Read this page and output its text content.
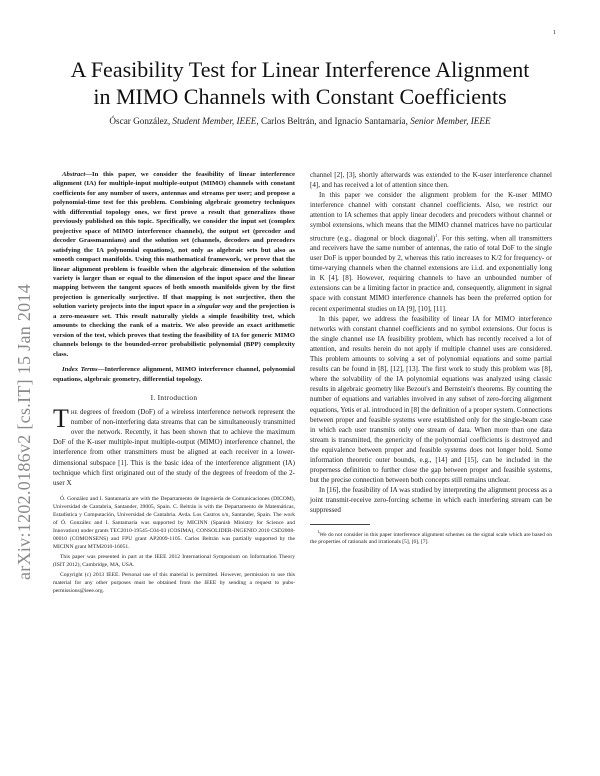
1
arXiv:1202.0186v2 [cs.IT] 15 Jan 2014
A Feasibility Test for Linear Interference Alignment
in MIMO Channels with Constant Coefficients
Óscar González, Student Member, IEEE, Carlos Beltrán, and Ignacio Santamaría, Senior Member, IEEE

Abstract—In this paper, we consider the feasibility of linear interference alignment (IA) for multiple-input multiple-output (MIMO) channels with constant coefficients for any number of users, antennas and streams per user; and propose a polynomial-time test for this problem. Combining algebraic geometry techniques with differential topology ones, we first prove a result that generalizes those previously published on this topic. Specifically, we consider the input set (complex projective space of MIMO interference channels), the output set (precoder and decoder Grassmannians) and the solution set (channels, decoders and precoders satisfying the IA polynomial equations), not only as algebraic sets but also as smooth compact manifolds. Using this mathematical framework, we prove that the linear alignment problem is feasible when the algebraic dimension of the solution variety is larger than or equal to the dimension of the input space and the linear mapping between the tangent spaces of both smooth manifolds given by the first projection is generically surjective. If that mapping is not surjective, then the solution variety projects into the input space in a singular way and the projection is a zero-measure set. This result naturally yields a simple feasibility test, which amounts to checking the rank of a matrix. We also provide an exact arithmetic version of the test, which proves that testing the feasibility of IA for generic MIMO channels belongs to the bounded-error probabilistic polynomial (BPP) complexity class.

Index Terms—Interference alignment, MIMO interference channel, polynomial equations, algebraic geometry, differential topology.

I. Introduction

The degrees of freedom (DoF) of a wireless interference network represent the number of non-interfering data streams that can be simultaneously transmitted over the network. Recently, it has been shown that to achieve the maximum DoF of the K-user multiple-input multiple-output (MIMO) interference channel, the interference from other transmitters must be aligned at each receiver in a lower-dimensional subspace [1]. This is the basic idea of the interference alignment (IA) technique which first originated out of the study of the degrees of freedom of the 2-user X

Ó. González and I. Santamaría are with the Departamento de Ingeniería de Comunicaciones (DICOM), Universidad de Cantabria, Santander, 39005, Spain. C. Beltrán is with the Departamento de Matemáticas, Estadística y Computación, Universidad de Cantabria. Avda. Los Castros s/n, Santander, Spain. The work of Ó. González and I. Santamaría was supported by MICINN (Spanish Ministry for Science and Innovation) under grants TEC2010-19545-C04-03 (COSIMA), CONSOLIDER-INGENIO 2010 CSD2008-00010 (COMONSENS) and FPU grant AP2009-1105. Carlos Beltrán was partially supported by the MICINN grant MTM2010-16051.

This paper was presented in part at the IEEE 2012 International Symposium on Information Theory (ISIT 2012), Cambridge, MA, USA.

Copyright (c) 2013 IEEE. Personal use of this material is permitted. However, permission to use this material for any other purposes must be obtained from the IEEE by sending a request to pubs-permissions@ieee.org.

channel [2], [3], shortly afterwards was extended to the K-user interference channel [4], and has received a lot of attention since then.

In this paper we consider the alignment problem for the K-user MIMO interference channel with constant channel coefficients. Also, we restrict our attention to IA schemes that apply linear decoders and precoders without channel or symbol extensions, which means that the MIMO channel matrices have no particular structure (e.g., diagonal or block diagonal)$^1$. For this setting, when all transmitters and receivers have the same number of antennas, the ratio of total DoF to the single user DoF is upper bounded by 2, whereas this ratio increases to K/2 for frequency- or time-varying channels when the channel extensions are i.i.d. and exponentially long in K [4], [8]. However, requiring channels to have an unbounded number of extensions can be a limiting factor in practice and, consequently, alignment in signal space with constant MIMO interference channels has been the preferred option for recent experimental studies on IA [9], [10], [11].

In this paper, we address the feasibility of linear IA for MIMO interference networks with constant channel coefficients and no symbol extensions. Our focus is the single channel use IA feasibility problem, which has recently received a lot of attention, and results herein do not apply if multiple channel uses are considered. This problem amounts to solving a set of polynomial equations and some partial results can be found in [8], [12], [13]. The first work to study this problem was [8], where the solvability of the IA polynomial equations was analyzed using classic results in algebraic geometry like Bezout's and Bernstein's theorems. By counting the number of equations and variables involved in any subset of zero-forcing alignment equations, Yetis et al. introduced in [8] the definition of a proper system. Connections between proper and feasible systems were established only for the single-beam case in which each user transmits only one stream of data. When more than one data stream is transmitted, the genericity of the polynomial coefficients is destroyed and the equivalence between proper and feasible systems does not longer hold. Some information theoretic outer bounds, e.g., [14] and [15], can be included in the properness definition to further close the gap between proper and feasible systems, but the precise connection between both concepts still remains unclear.

In [16], the feasibility of IA was studied by interpreting the alignment process as a joint transmit-receive zero-forcing scheme in which each interfering stream can be suppressed

$^1$We do not consider in this paper interference alignment schemes on the signal scale which are based on the properties of rationals and irrationals [5], [6], [7].
